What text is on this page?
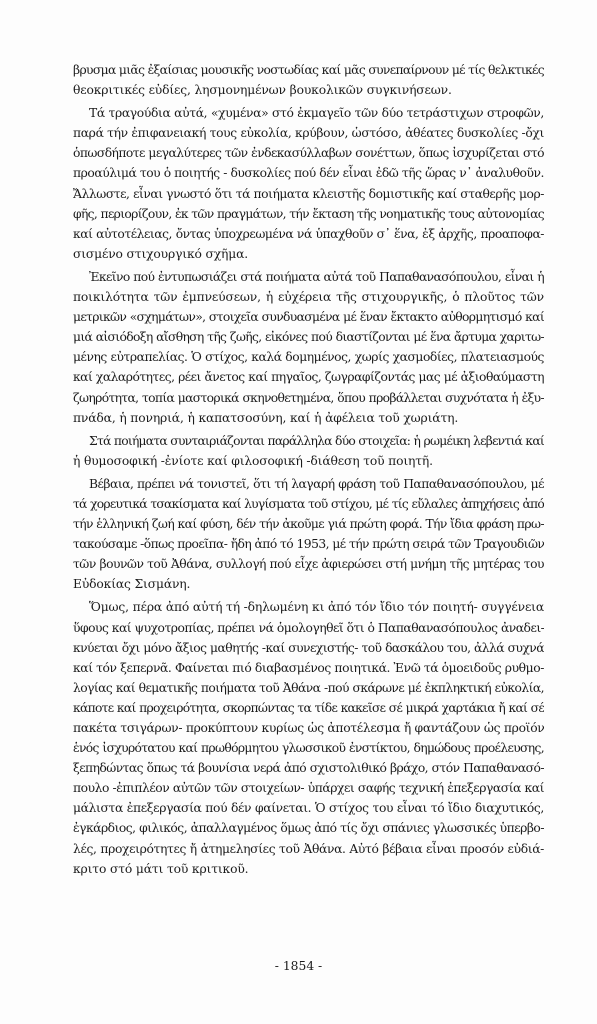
βρυσμα μιᾶς ἐξαίσιας μουσικῆς νοστωδίας καί μᾶς συνεπαίρνουν μέ τίς θελκτικές
θεοκριτικές εὐδίες, λησμονημένων βουκολικῶν συγκινήσεων.
Τά τραγούδια αὐτά, «χυμένα» στό ἐκμαγεῖο τῶν δύο τετράστιχων στροφῶν,
παρά τήν ἐπιφανειακή τους εὐκολία, κρύβουν, ὡστόσο, ἀθέατες δυσκολίες -ὄχι
ὁπωσδήποτε μεγαλύτερες τῶν ἐνδεκασύλλαβων σονέττων, ὅπως ἰσχυρίζεται στό
προαύλιμά του ὁ ποιητής - δυσκολίες πού δέν εἶναι ἐδῶ τῆς ὥρας ν᾽ ἀναλυθοῦν.
Ἄλλωστε, εἶναι γνωστό ὅτι τά ποιήματα κλειστῆς δομιστικῆς καί σταθερῆς μορ-
φῆς, περιορίζουν, ἐκ τῶν πραγμάτων, τήν ἔκταση τῆς νοηματικῆς τους αὐτονομίας
καί αὐτοτέλειας, ὄντας ὑποχρεωμένα νά ὑπαχθοῦν σ᾽ ἕνα, ἐξ ἀρχῆς, προαποφα-
σισμένο στιχουργικό σχῆμα.
Ἐκεῖνο πού ἐντυπωσιάζει στά ποιήματα αὐτά τοῦ Παπαθανασόπουλου, εἶναι ἡ
ποικιλότητα τῶν ἐμπνεύσεων, ἡ εὐχέρεια τῆς στιχουργικῆς, ὁ πλοῦτος τῶν
μετρικῶν «σχημάτων», στοιχεῖα συνδυασμένα μέ ἕναν ἔκτακτο αὐθορμητισμό καί
μιά αἰσιόδοξη αἴσθηση τῆς ζωῆς, εἰκόνες πού διαστίζονται μέ ἕνα ἄρτυμα χαριτω-
μένης εὐτραπελίας. Ὁ στίχος, καλά δομημένος, χωρίς χασμοδίες, πλατειασμούς
καί χαλαρότητες, ρέει ἄνετος καί πηγαῖος, ζωγραφίζοντάς μας μέ ἀξιοθαύμαστη
ζωηρότητα, τοπία μαστορικά σκηνοθετημένα, ὅπου προβάλλεται συχνότατα ἡ ἐξυ-
πνάδα, ἡ πονηριά, ἡ καπατσοσύνη, καί ἡ ἀφέλεια τοῦ χωριάτη.
Στά ποιήματα συνταιριάζονται παράλληλα δύο στοιχεῖα: ἡ ρωμέικη λεβεντιά καί
ἡ θυμοσοφική -ἐνίοτε καί φιλοσοφική -διάθεση τοῦ ποιητῆ.
Βέβαια, πρέπει νά τονιστεῖ, ὅτι τή λαγαρή φράση τοῦ Παπαθανασόπουλου, μέ
τά χορευτικά τσακίσματα καί λυγίσματα τοῦ στίχου, μέ τίς εὔλαλες ἀπηχήσεις ἀπό
τήν ἑλληνική ζωή καί φύση, δέν τήν ἀκοῦμε γιά πρώτη φορά. Τήν ἴδια φράση πρω-
τακούσαμε -ὅπως προεῖπα- ἤδη ἀπό τό 1953, μέ τήν πρώτη σειρά τῶν Τραγουδιῶν
τῶν βουνῶν τοῦ Ἀθάνα, συλλογή πού εἶχε ἀφιερώσει στή μνήμη τῆς μητέρας του
Εὐδοκίας Σισμάνη.
Ὅμως, πέρα ἀπό αὐτή τή -δηλωμένη κι ἀπό τόν ἴδιο τόν ποιητή- συγγένεια
ὕφους καί ψυχοτροπίας, πρέπει νά ὁμολογηθεῖ ὅτι ὁ Παπαθανασόπουλος ἀναδει-
κνύεται ὄχι μόνο ἄξιος μαθητής -καί συνεχιστής- τοῦ δασκάλου του, ἀλλά συχνά
καί τόν ξεπερνᾶ. Φαίνεται πιό διαβασμένος ποιητικά. Ἐνῶ τά ὁμοειδοῦς ρυθμο-
λογίας καί θεματικῆς ποιήματα τοῦ Ἀθάνα -πού σκάρωνε μέ ἐκπληκτική εὐκολία,
κάποτε καί προχειρότητα, σκορπώντας τα τίδε κακεῖσε σέ μικρά χαρτάκια ἤ καί σέ
πακέτα τσιγάρων- προκύπτουν κυρίως ὡς ἀποτέλεσμα ἤ φαντάζουν ὡς προϊόν
ἑνός ἰσχυρότατου καί πρωθόρμητου γλωσσικοῦ ἐνστίκτου, δημώδους προέλευσης,
ξεπηδώντας ὅπως τά βουνίσια νερά ἀπό σχιστολιθικό βράχο, στόν Παπαθανασό-
πουλο -ἐπιπλέον αὐτῶν τῶν στοιχείων- ὑπάρχει σαφής τεχνική ἐπεξεργασία καί
μάλιστα ἐπεξεργασία πού δέν φαίνεται. Ὁ στίχος του εἶναι τό ἴδιο διαχυτικός,
ἐγκάρδιος, φιλικός, ἀπαλλαγμένος ὅμως ἀπό τίς ὄχι σπάνιες γλωσσικές ὑπερβο-
λές, προχειρότητες ἤ ἀτημελησίες τοῦ Ἀθάνα. Αὐτό βέβαια εἶναι προσόν εὐδιά-
κριτο στό μάτι τοῦ κριτικοῦ.
- 1854 -
